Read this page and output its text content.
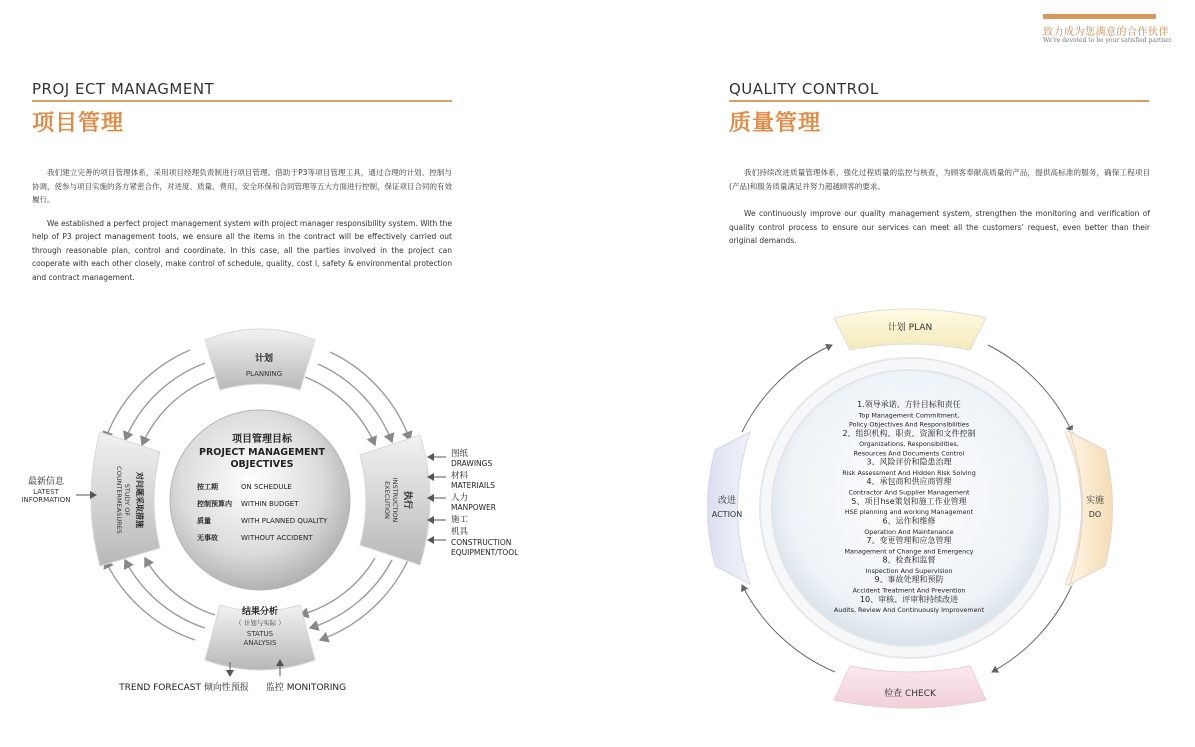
致力成为您满意的合作伙伴
We're devoted to be your satisfied partner.
PROJ ECT MANAGMENT
项目管理

我们建立完善的项目管理体系，采用项目经理负责制进行项目管理。借助于P3等项目管理工具，通过合理的计划、控制与协调，使参与项目实施的各方紧密合作，对进度、质量、费用、安全环保和合同管理等五大方面进行控制，保证项目合同的有效履行。

We established a perfect project management system with project manager responsibility system. With the help of P3 project management tools, we ensure all the items in the contract will be effectively carried out through reasonable plan, control and coordinate. In this case, all the parties involved in the project can cooperate with each other closely, make control of schedule, quality, cost l, safety & environmental protection and contract management.

计划
PLANNING
项目管理目标
PROJECT MANAGEMENT
OBJECTIVES
按工期	ON SCHEDULE
控制预算内 WITHIN BUDGET
质量	WITH PLANNED QUALITY
无事故	WITHOUT ACCIDENT
执行
INSTRUCTION
EXECUTION
结果分析
（ 计划与实际 ）
STATUS
ANALYSIS
对问题采取措施
STUDY OF
COUNTERMEASURES
最新信息
LATEST
INFORMATION
图纸
DRAWINGS
材料
MATERIAILS
人力
MANPOWER
施工
机具
CONSTRUCTION
EQUIPMENT/TOOL
TREND FORECAST 倾向性预报 监控 MONITORING
QUALITY CONTROL
质量管理

我们持续改进质量管理体系，强化过程质量的监控与核查，为顾客奉献高质量的产品，提供高标准的服务，确保工程项目(产品)和服务质量满足并努力超越顾客的要求。

We continuously improve our quality management system, strengthen the monitoring and verification of quality control process to ensure our services can meet all the customers’ request, even better than their original demands.

计划 PLAN
实施
DO
检查 CHECK
改进
ACTION
1.领导承诺、方针目标和责任
Top Management Commitment,
Policy Objectives And Responsibilities
2、组织机构、职责、资源和文件控制
Organizations, Responsibilities,
Resources And Documents Control
3、风险评价和隐患治理
Risk Assessment And Hidden Risk Solving
4、承包商和供应商管理
Contractor And Supplier Management
5、项目hse策划和施工作业管理
HSE planning and working Management
6、运作和维修
Operation And Maintenance
7、变更管理和应急管理
Management of Change and Emergency
8、检查和监督
Inspection And Supervision
9、事故处理和预防
Accident Treatment And Prevention
10、审核、评审和持续改进
Audits, Review And Continuously Improvement
